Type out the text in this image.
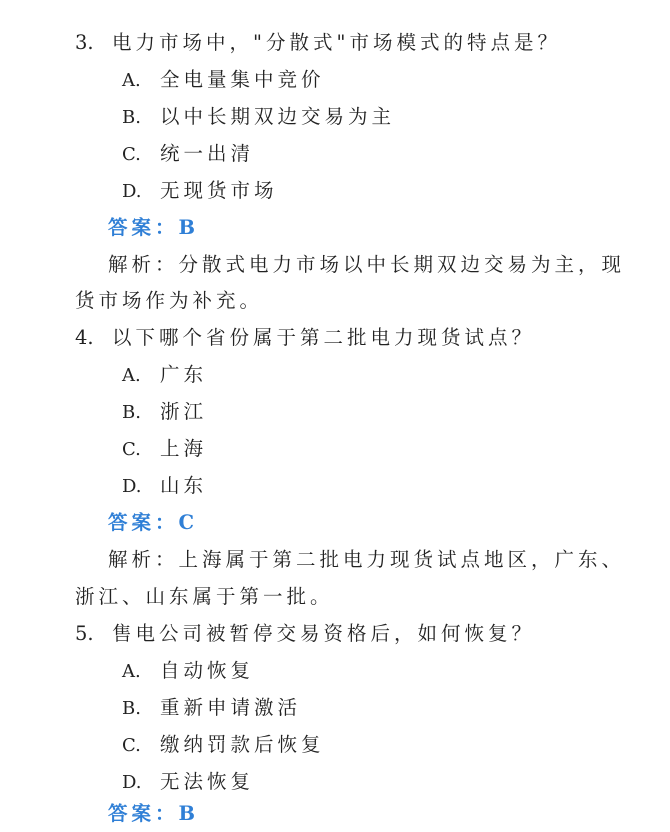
3. 电力市场中，"分散式"市场模式的特点是？
A. 全电量集中竞价
B. 以中长期双边交易为主
C. 统一出清
D. 无现货市场
答案：B
解析：分散式电力市场以中长期双边交易为主，现
货市场作为补充。
4. 以下哪个省份属于第二批电力现货试点？
A. 广东
B. 浙江
C. 上海
D. 山东
答案：C
解析：上海属于第二批电力现货试点地区，广东、
浙江、山东属于第一批。
5. 售电公司被暂停交易资格后，如何恢复？
A. 自动恢复
B. 重新申请激活
C. 缴纳罚款后恢复
D. 无法恢复
答案：B
